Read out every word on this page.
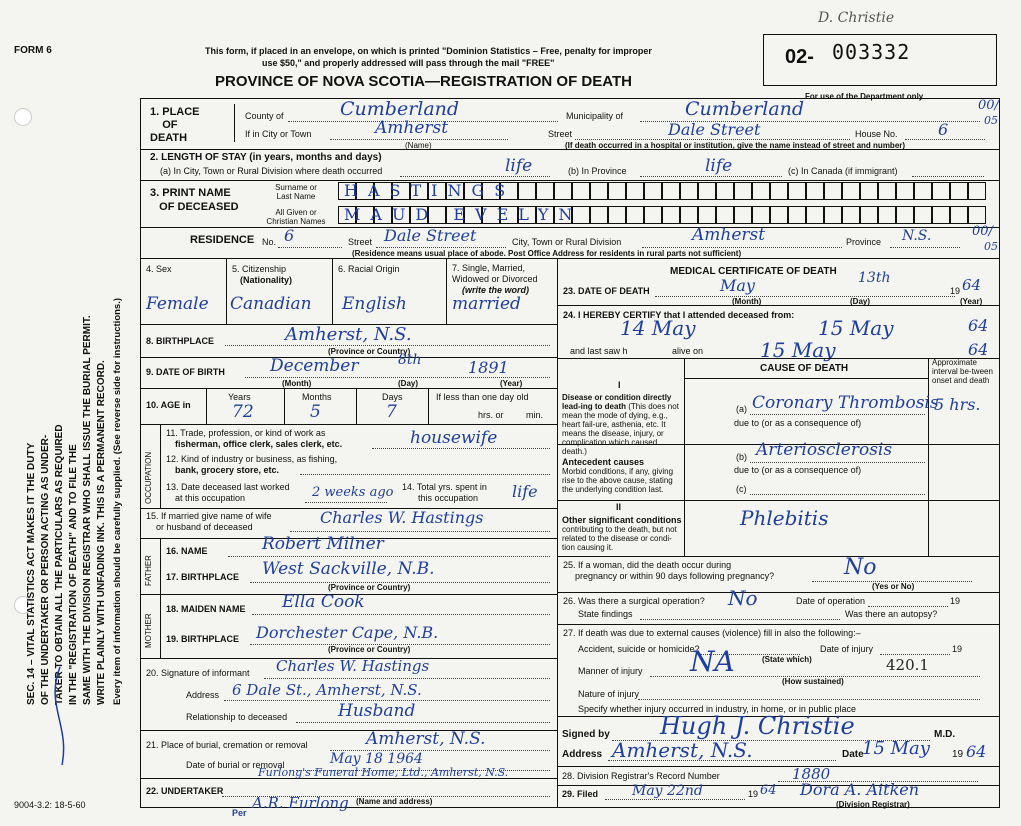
D. Christie
FORM 6	This form, if placed in an envelope, on which is printed "Dominion Statistics – Free, penalty for improper
use $50," and properly addressed will pass through the mail "FREE"
PROVINCE OF NOVA SCOTIA—REGISTRATION OF DEATH
02- 003332
For use of the Department only
SEC. 14 – VITAL STATISTICS ACT MAKES IT THE DUTY OF THE UNDERTAKER OR PERSON ACTING AS UNDER- TAKER TO OBTAIN ALL THE PARTICULARS AS REQUIRED IN THE "REGISTRATION OF DEATH" AND TO FILE THE SAME WITH THE DIVISION REGISTRAR WHO SHALL ISSUE THE BURIAL PERMIT. WRITE PLAINLY WITH UNFADING INK. THIS IS A PERMANENT RECORD. Every item of information should be carefully supplied. (See reverse side for instructions.)
1. PLACE
OF
DEATH
County of	Cumberland	Municipality of	Cumberland	00/
05
If in City or Town	Amherst
(Name)
Street	Dale Street	House No.	6
(If death occurred in a hospital or institution, give the name instead of street and number)
2. LENGTH OF STAY (in years, months and days)
(a) In City, Town or Rural Division where death occurred	life	(b) In Province	life	(c) In Canada (if immigrant)
3. PRINT NAME
OF DECEASED
Surname or
Last Name
All Given or
Christian Names
HASTINGS
MAUD EVELYN
RESIDENCE No. 6	Street Dale Street	City, Town or Rural Division	Amherst	Province N.S.	00/
05
(Residence means usual place of abode. Post Office Address for residents in rural parts not sufficient)
4. Sex	5. Citizenship
(Nationality)
6. Racial Origin	7. Single, Married,
Widowed or Divorced
(write the word)
Female Canadian English	married
8. BIRTHPLACE	Amherst, N.S.
(Province or Country)
9. DATE OF BIRTH	December	8th	1891
(Month)	(Day)	(Year)
10. AGE in
Years	Months	Days	If less than one day old
72	5	7	hrs. or min.
OCCUPATION
11. Trade, profession, or kind of work as
fisherman, office clerk, sales clerk, etc.	housewife
12. Kind of industry or business, as fishing,
bank, grocery store, etc.
13. Date deceased last worked
at this occupation	2 weeks ago 14. Total yrs. spent in
this occupation life
15. If married give name of wife
or husband of deceased	Charles W. Hastings
FATHER
16. NAME	Robert Milner
17. BIRTHPLACE West Sackville, N.B.
(Province or Country)
MOTHER
18. MAIDEN NAME Ella Cook
19. BIRTHPLACE Dorchester Cape, N.B.
(Province or Country)
20. Signature of informant Charles W. Hastings
Address 6 Dale St., Amherst, N.S.
Relationship to deceased	Husband
21. Place of burial, cremation or removal	Amherst, N.S.
Date of burial or removal	May 18 1964
Furlong's Funeral Home, Ltd., Amherst, N.S.
22. UNDERTAKER
Per
A.R. Furlong (Name and address)
MEDICAL CERTIFICATE OF DEATH
23. DATE OF DEATH	May	13th
19 64
(Month)	(Day)	(Year)
24. I HEREBY CERTIFY that I attended deceased from:
14 May	15 May	64
and last saw h	alive on	15 May	64
CAUSE OF DEATH
Approximate interval be-tween onset and death
I
Disease or condition directly lead-ing to death (This does not mean the mode of dying, e.g., heart fail-ure, asthenia, etc. It means the disease, injury, or complication which caused death.)
(a) Coronary Thrombosis
5 hrs.
due to (or as a consequence of)
Antecedent causes
Morbid conditions, if any, giving rise to the above cause, stating the underlying condition last.
(b) Arteriosclerosis
due to (or as a consequence of)
(c)
II
Other significant conditions
contributing to the death, but not related to the disease or condi-tion causing it.
Phlebitis
25. If a woman, did the death occur during
pregnancy or within 90 days following pregnancy?	No
(Yes or No)
26. Was there a surgical operation? No	Date of operation	19
State findings	Was there an autopsy?
27. If death was due to external causes (violence) fill in also the following:–
Accident, suicide or homicide?
NA	(State which)
Date of injury	19
420.1
Manner of injury
(How sustained)
Nature of injury
Specify whether injury occurred in industry, in home, or in public place
Signed by Hugh J. Christie	M.D.
Address Amherst, N.S.	Date
15 May 19 64
28. Division Registrar's Record Number	1880
29. Filed May 22nd	19 64 Dora A. Aitken
(Division Registrar)
9004-3.2: 18-5-60
